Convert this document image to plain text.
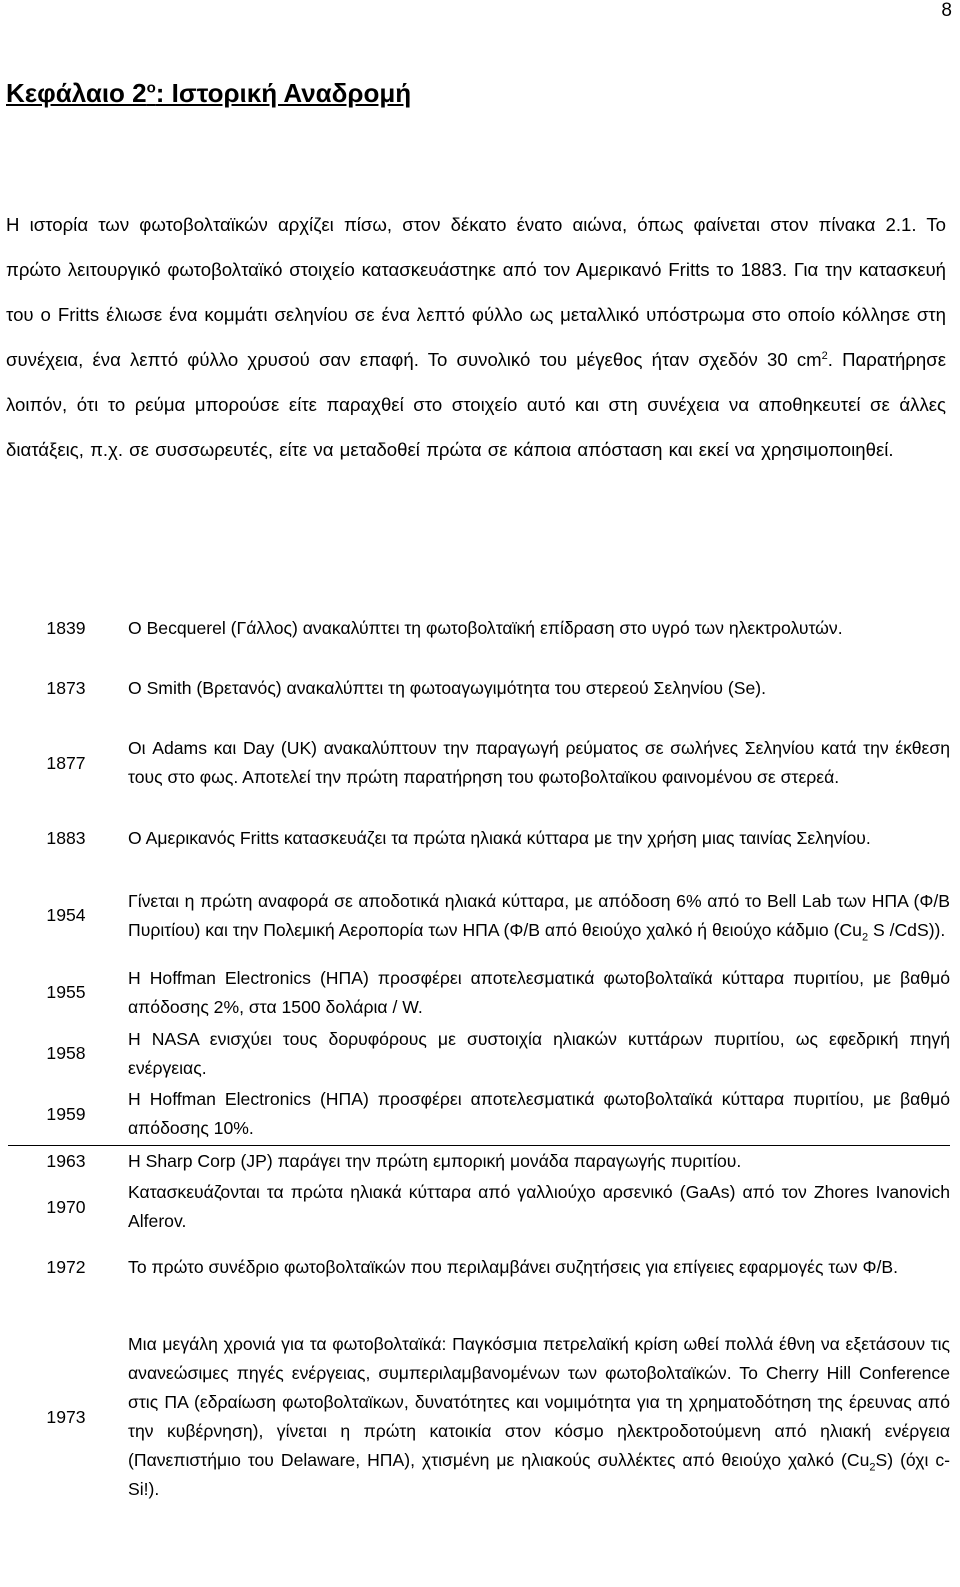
8
Κεφάλαιο $2^o$: Ιστορική Αναδρομή

Η ιστορία των φωτοβολταϊκών αρχίζει πίσω, στον δέκατο ένατο αιώνα, όπως φαίνεται στον πίνακα 2.1. Το πρώτο λειτουργικό φωτοβολταϊκό στοιχείο κατασκευάστηκε από τον Αμερικανό Fritts το 1883. Για την κατασκευή του ο Fritts έλιωσε ένα κομμάτι σεληνίου σε ένα λεπτό φύλλο ως μεταλλικό υπόστρωμα στο οποίο κόλλησε στη συνέχεια, ένα λεπτό φύλλο χρυσού σαν επαφή. Το συνολικό του μέγεθος ήταν σχεδόν 30 $cm^2$. Παρατήρησε λοιπόν, ότι το ρεύμα μπορούσε είτε παραχθεί στο στοιχείο αυτό και στη συνέχεια να αποθηκευτεί σε άλλες διατάξεις, π.χ. σε συσσωρευτές, είτε να μεταδοθεί πρώτα σε κάποια απόσταση και εκεί να χρησιμοποιηθεί.

1839	Ο Becquerel (Γάλλος) ανακαλύπτει τη φωτοβολταϊκή επίδραση στο υγρό των ηλεκτρολυτών.
1873	Ο Smith (Βρετανός) ανακαλύπτει τη φωτοαγωγιμότητα του στερεού Σεληνίου (Se).
1877	Οι Adams και Day (UK) ανακαλύπτουν την παραγωγή ρεύματος σε σωλήνες Σεληνίου κατά την έκθεση τους στο φως. Αποτελεί την πρώτη παρατήρηση του φωτοβολταϊκου φαινομένου σε στερεά.
1883	Ο Αμερικανός Fritts κατασκευάζει τα πρώτα ηλιακά κύτταρα με την χρήση μιας ταινίας Σεληνίου.
1954	Γίνεται η πρώτη αναφορά σε αποδοτικά ηλιακά κύτταρα, με απόδοση 6% από το Bell Lab των ΗΠΑ (Φ/Β Πυριτίου) και την Πολεμική Αεροπορία των ΗΠΑ (Φ/Β από θειούχο χαλκό ή θειούχο κάδμιο ($Cu_2$ S /CdS)).
1955	Η Hoffman Electronics (ΗΠΑ) προσφέρει αποτελεσματικά φωτοβολταϊκά κύτταρα πυριτίου, με βαθμό απόδοσης 2%, στα 1500 δολάρια / W.
1958	Η NASA ενισχύει τους δορυφόρους με συστοιχία ηλιακών κυττάρων πυριτίου, ως εφεδρική πηγή ενέργειας.
1959	Η Hoffman Electronics (ΗΠΑ) προσφέρει αποτελεσματικά φωτοβολταϊκά κύτταρα πυριτίου, με βαθμό απόδοσης 10%.
1963	Η Sharp Corp (JP) παράγει την πρώτη εμπορική μονάδα παραγωγής πυριτίου.
1970	Κατασκευάζονται τα πρώτα ηλιακά κύτταρα από γαλλιούχο αρσενικό (GaAs) από τον Zhores Ivanovich Alferov.
1972	Το πρώτο συνέδριο φωτοβολταϊκών που περιλαμβάνει συζητήσεις για επίγειες εφαρμογές των Φ/Β.
1973	Μια μεγάλη χρονιά για τα φωτοβολταϊκά: Παγκόσμια πετρελαϊκή κρίση ωθεί πολλά έθνη να εξετάσουν τις ανανεώσιμες πηγές ενέργειας, συμπεριλαμβανομένων των φωτοβολταϊκών. Το Cherry Hill Conference στις ΠΑ (εδραίωση φωτοβολταϊκων, δυνατότητες και νομιμότητα για τη χρηματοδότηση της έρευνας από την κυβέρνηση), γίνεται η πρώτη κατοικία στον κόσμο ηλεκτροδοτούμενη από ηλιακή ενέργεια (Πανεπιστήμιο του Delaware, ΗΠΑ), χτισμένη με ηλιακούς συλλέκτες από θειούχο χαλκό $(Cu_2S)$ (όχι c-Si!).
